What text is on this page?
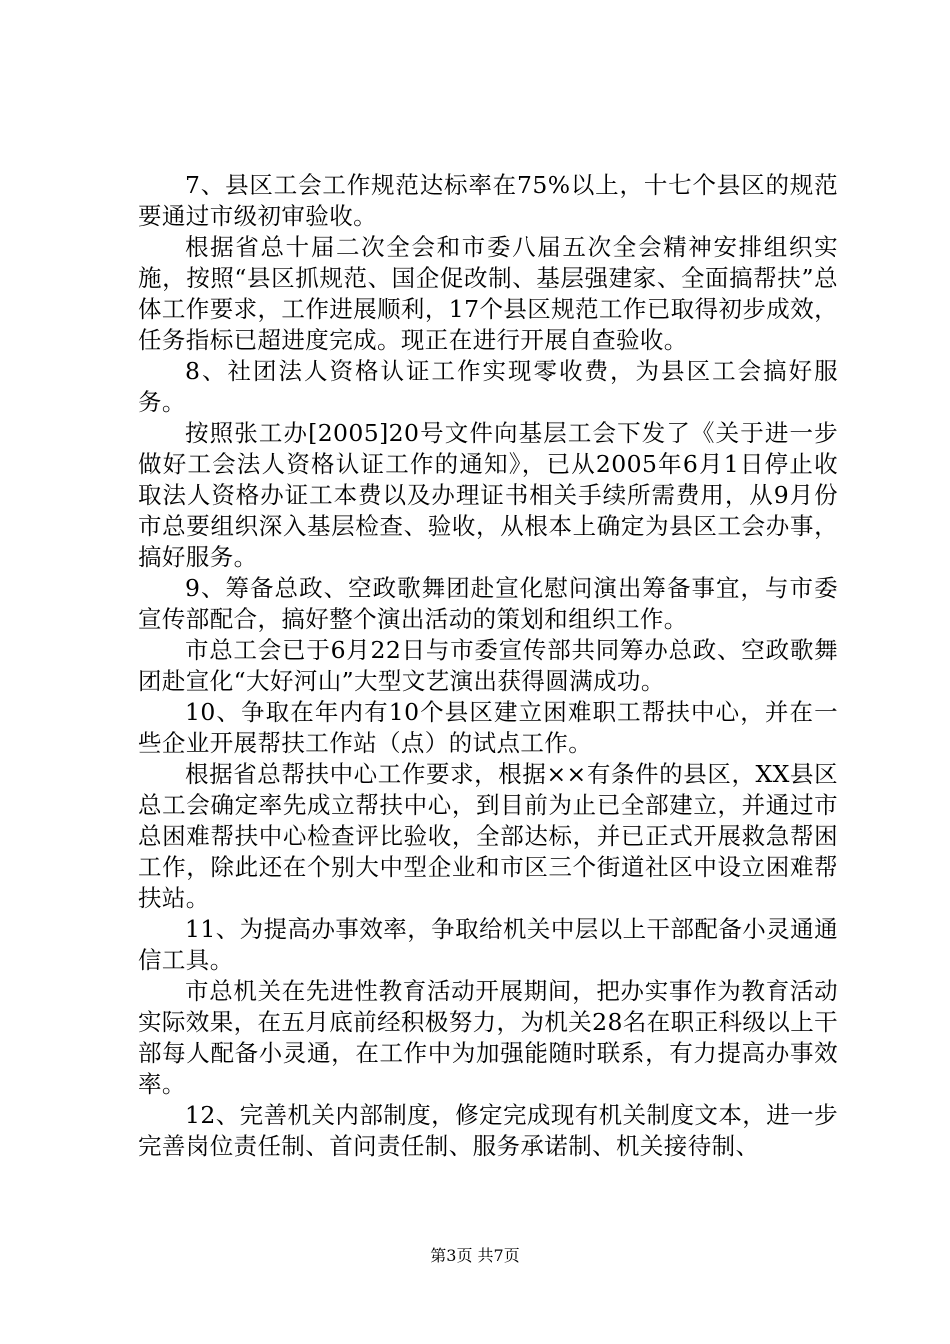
7、县区工会工作规范达标率在75%以上，十七个县区的规范要通过市级初审验收。

根据省总十届二次全会和市委八届五次全会精神安排组织实施，按照“县区抓规范、国企促改制、基层强建家、全面搞帮扶”总体工作要求，工作进展顺利，17个县区规范工作已取得初步成效，任务指标已超进度完成。现正在进行开展自查验收。

8、社团法人资格认证工作实现零收费，为县区工会搞好服务。

按照张工办[2005]20号文件向基层工会下发了《关于进一步做好工会法人资格认证工作的通知》，已从2005年6月1日停止收取法人资格办证工本费以及办理证书相关手续所需费用，从9月份市总要组织深入基层检查、验收，从根本上确定为县区工会办事，搞好服务。

9、筹备总政、空政歌舞团赴宣化慰问演出筹备事宜，与市委宣传部配合，搞好整个演出活动的策划和组织工作。

市总工会已于6月22日与市委宣传部共同筹办总政、空政歌舞团赴宣化“大好河山”大型文艺演出获得圆满成功。

10、争取在年内有10个县区建立困难职工帮扶中心，并在一些企业开展帮扶工作站（点）的试点工作。

根据省总帮扶中心工作要求，根据××有条件的县区，XX县区总工会确定率先成立帮扶中心，到目前为止已全部建立，并通过市总困难帮扶中心检查评比验收，全部达标，并已正式开展救急帮困工作，除此还在个别大中型企业和市区三个街道社区中设立困难帮扶站。

11、为提高办事效率，争取给机关中层以上干部配备小灵通通信工具。

市总机关在先进性教育活动开展期间，把办实事作为教育活动实际效果，在五月底前经积极努力，为机关28名在职正科级以上干部每人配备小灵通，在工作中为加强能随时联系，有力提高办事效率。

12、完善机关内部制度，修定完成现有机关制度文本，进一步完善岗位责任制、首问责任制、服务承诺制、机关接待制、

第3页 共7页
